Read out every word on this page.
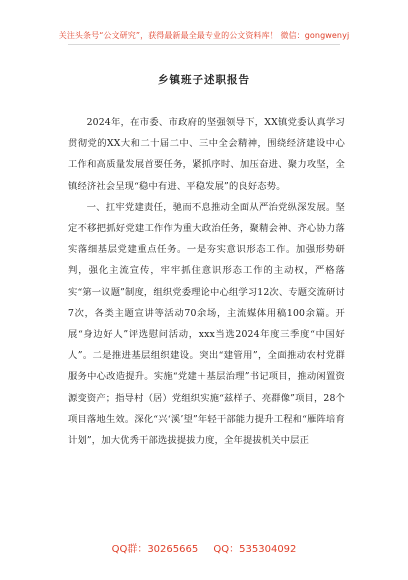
关注头条号“公文研究”，获得最新最全最专业的公文资料库！ 微信：gongwenyj
乡镇班子述职报告

2024年，在市委、市政府的坚强领导下，XX镇党委认真学习贯彻党的XX大和二十届二中、三中全会精神，围绕经济建设中心工作和高质量发展首要任务，紧抓序时、加压奋进、聚力攻坚，全镇经济社会呈现“稳中有进、平稳发展”的良好态势。

一、扛牢党建责任，驰而不息推动全面从严治党纵深发展。坚定不移把抓好党建工作作为重大政治任务，聚精会神、齐心协力落实落细基层党建重点任务。一是夯实意识形态工作。加强形势研判，强化主流宣传，牢牢抓住意识形态工作的主动权，严格落实“第一议题”制度，组织党委理论中心组学习12次、专题交流研讨7次，各类主题宣讲等活动70余场，主流媒体用稿100余篇。开展“身边好人”评选慰问活动，xxx当选2024年度三季度“中国好人”。二是推进基层组织建设。突出“建管用”，全面推动农村党群服务中心改造提升。实施“党建＋基层治理”书记项目，推动闲置资源变资产；指导村（居）党组织实施“兹样子、亮群像”项目，28个项目落地生效。深化“兴‘溪’望”年轻干部能力提升工程和“雁阵培育计划”，加大优秀干部选拔提拔力度，全年提拔机关中层正

QQ群：30265665 QQ：535304092
